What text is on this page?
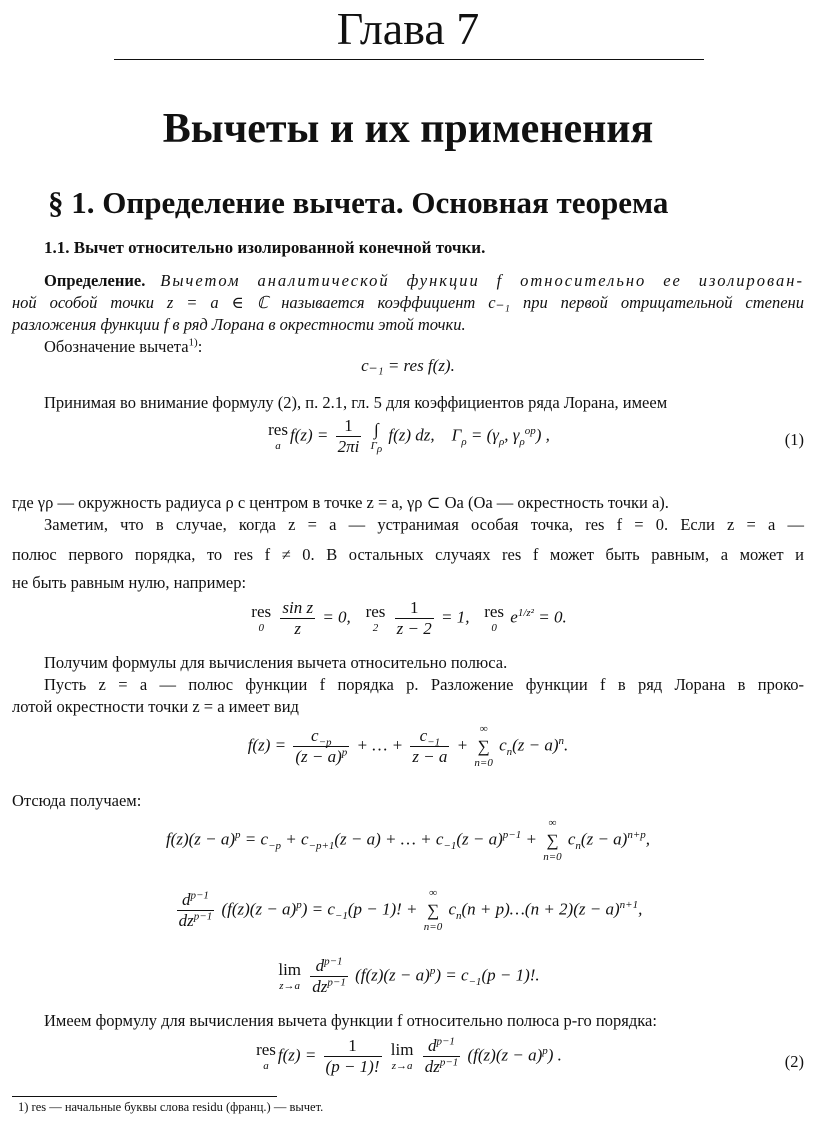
Глава 7
Вычеты и их применения
§ 1. Определение вычета. Основная теорема
1.1. Вычет относительно изолированной конечной точки.
Определение. Вычетом аналитической функции f относительно ее изолирован-
ной особой точки z = a ∈ ℂ называется коэффициент c₋₁ при первой отрицательной степени
разложения функции f в ряд Лорана в окрестности этой точки.
Обозначение вычета$^{1)}$:
c₋₁ = res f(z).
Принимая во внимание формулу (2), п. 2.1, гл. 5 для коэффициентов ряда Лорана, имеем
res
a
$f(z) = \frac{1}{2\pi i}$
∫
$\Gamma_\rho$
f(z) dz,    $\Gamma_\rho = (\gamma_\rho$, $\gamma_\rho^{op}$) ,	(1)
где γρ — окружность радиуса ρ с центром в точке z = a, γρ ⊂ Oa (Oa — окрестность точки a).
Заметим, что в случае, когда z = a — устранимая особая точка, res f = 0. Если z = a —
полюс первого порядка, то res f ≠ 0. В остальных случаях res f может быть равным, а может и
не быть равным нулю, например:
res
0
$\frac{\text{sin z}}{z} = 0$, res
2
$\frac{1}{z - 2} = 1$, res
0
$e^{1/z^2} = 0$.
Получим формулы для вычисления вычета относительно полюса.
Пусть z = a — полюс функции f порядка p. Разложение функции f в ряд Лорана в проко-
лотой окрестности точки z = a имеет вид
$f(z) = \frac{c_{-p}}{(z - a)^p}$ + … + $\frac{c_{-1}}{z - a}$ +
∞
∑
n=0
$c_n(z - a)^n$.
Отсюда получаем:
$f(z)(z - a)^p = c_{-p} + c_{-p+1}(z - a)$ + … + $c_{-1}(z - a)^{p-1}$ +
∞
∑
n=0
$c_n(z - a)^{n+p}$,
$\frac{d^{p-1}}{dz^{p-1}} (f(z)(z - a)^p) = c_{-1}(p - 1)$! +
∞
∑
n=0
$c_n(n$ + p)…(n + $2)(z - a)^{n+1}$,
lim
z→a
$\frac{d^{p-1}}{dz^{p-1}} (f(z)(z - a)^p) = c_{-1}(p - 1)$!.
Имеем формулу для вычисления вычета функции f относительно полюса p-го порядка:
res
a
$f(z) = \frac{1}{(p - 1)!}$
lim
z→a
$\frac{d^{p-1}}{dz^{p-1}} (f(z)(z - a)^p)$ .	(2)
1) res — начальные буквы слова residu (франц.) — вычет.
